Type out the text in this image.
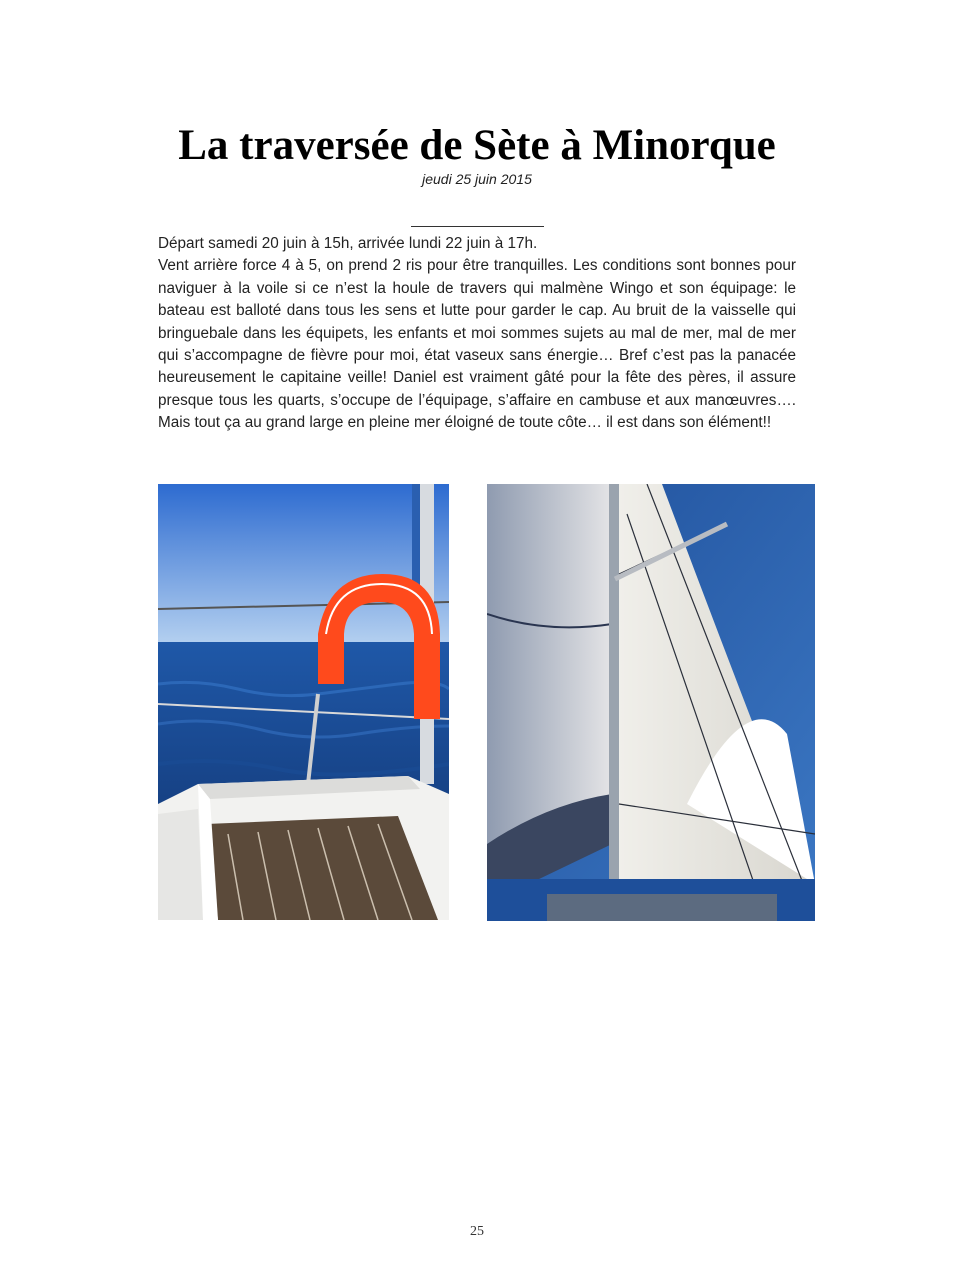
La traversée de Sète à Minorque
jeudi 25 juin 2015

Départ samedi 20 juin à 15h, arrivée lundi 22 juin à 17h.

Vent arrière force 4 à 5, on prend 2 ris pour être tranquilles. Les conditions sont bonnes pour naviguer à la voile si ce n’est la houle de travers qui malmène Wingo et son équipage: le bateau est balloté dans tous les sens et lutte pour garder le cap. Au bruit de la vaisselle qui bringuebale dans les équipets, les enfants et moi sommes sujets au mal de mer, mal de mer qui s’accompagne de fièvre pour moi, état vaseux sans énergie… Bref c’est pas la panacée heureusement le capitaine veille! Daniel est vraiment gâté pour la fête des pères, il assure presque tous les quarts, s’occupe de l’équipage, s’affaire en cambuse et aux manœuvres…. Mais tout ça au grand large en pleine mer éloigné de toute côte… il est dans son élément!!

25
